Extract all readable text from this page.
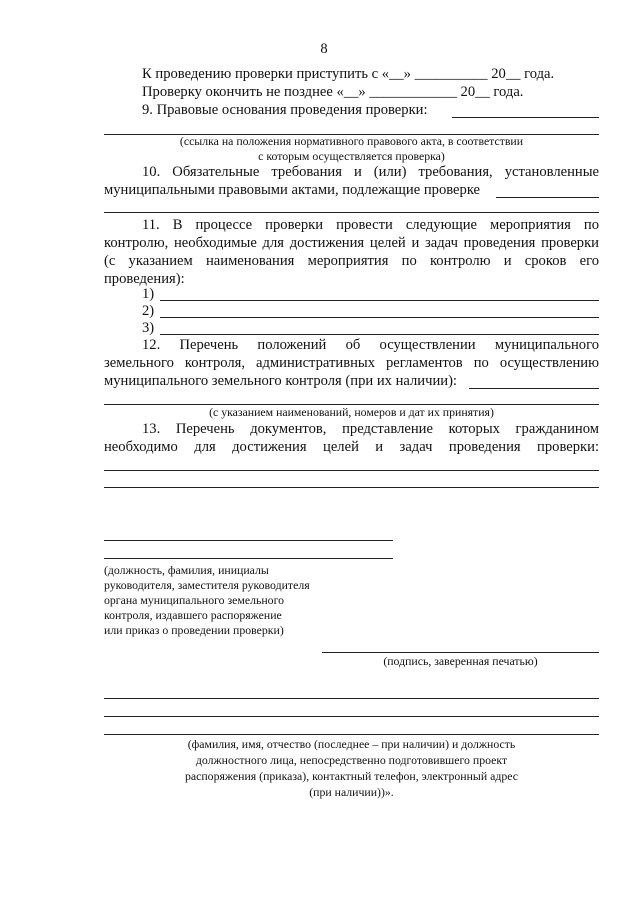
8
К проведению проверки приступить с «__» __________ 20__ года.
Проверку окончить не позднее «__» ____________ 20__ года.
9. Правовые основания проведения проверки:
(ссылка на положения нормативного правового акта, в соответствии
с которым осуществляется проверка)
10. Обязательные требования и (или) требования, установленные
муниципальными правовыми актами, подлежащие проверке
11. В процессе проверки провести следующие мероприятия по
контролю, необходимые для достижения целей и задач проведения проверки
(с указанием наименования мероприятия по контролю и сроков его
проведения):
1)
2)
3)
12. Перечень положений об осуществлении муниципального
земельного контроля, административных регламентов по осуществлению
муниципального земельного контроля (при их наличии):
(с указанием наименований, номеров и дат их принятия)
13. Перечень документов, представление которых гражданином
необходимо для достижения целей и задач проведения проверки:
(должность, фамилия, инициалы
руководителя, заместителя руководителя
органа муниципального земельного
контроля, издавшего распоряжение
или приказ о проведении проверки)
(подпись, заверенная печатью)
(фамилия, имя, отчество (последнее – при наличии) и должность
должностного лица, непосредственно подготовившего проект
распоряжения (приказа), контактный телефон, электронный адрес
(при наличии))».
